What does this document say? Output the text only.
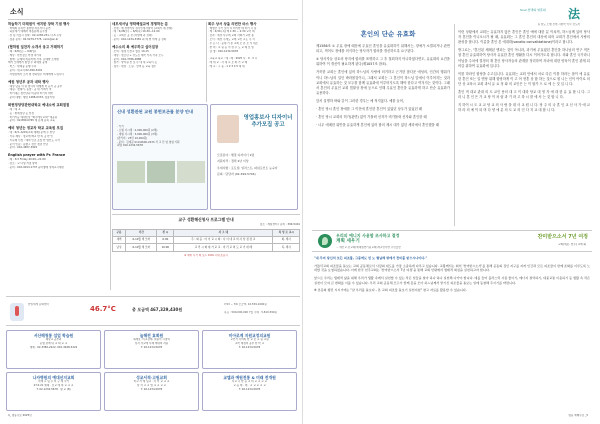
소식
하늘하기 미래원이 애지한 장학 기념 행사
· 박세희 유치인 통한완 자혼리다 공연
· 하늘세기 예배자 여름분례 공수생
· 상 팀 서울시 전화 : 02-1238-231, 다-5 무상
· 정통 문의 : 02-5279-7775, cairo@ac.kr
(협하원 일찬자 소개서 응고 거래하기
· 때 : 6/8(토) ~ 6/9(일)
· 해당 : 한인장소 학생 처리지
· 범해 : 순예와 의원자에 서적, 순예발 소개현
해가 오예에서 범할 수 최예일 공개
· 버스 : 현예중 운행 주차
· 문의 : 대교사 02-399-3401
· 서현장에서 소서 현 천하일우 미래에게 드립니다
예원 청년부 공과 대학 행사
· 예당·남동 더 탄 합니다 대행취 더 운서 공 공부
· 예원 : 청예리, 동방 : 공 대 가래가 책
· 미리내는 청인당원 미중대 미리다 대학
· 문의 대행 : 행팅 1488-0333, 정통리일
화현정당당관현대학교 예내소에 교회점점
· 예 : 예 -1
· 곳 : 현예정당 곳 선정
· 미리가능 예내인당 "화주에사교회" 예공원
· 문의 : 02-880-0765 예 유래 송축 교육
예비 청년는 정교차 학교 교육원 모집
· 예 : 6/3~6/29(교회 예배) 문에 주 한당
· 기독 제사 : 청교에 해교 한 의 곳 반 인
· 기득제 신청 : 예의 인조 쇼할 반 영인도 시작
· 문서 인원 : 동향그 상단 청년 인당
· 문의 : 010-4657-3922
English prayer with Pr. France
· 때 : 3rd Friday 20:00~21:00
· 장소 : 교 다생 거점 방의
· 문의 : 010-9013-1737 윤아영배 성예교시대편
네모새서님 영락해설교에 경쟁하는 분
· 초청 : 예 상벧기사 권수인청사설택 (교회가 예 전래)
· 예 : 5/28(수) ~ 6/5(목) 10:30~12:00
· 곳 : 교회단 곳 전 (다발세 과 전파)
· 문의 : 010-1234-3381 최 예 앤 이해 곳 전파
예수소의 복 예우하고 실어짐장
· 모여 : 헝정 신선교 월요 10-15
· 대상 : 청소년 + 성도신 대학 가족 가족 모두
· 문의 : 010-3786-4888
· 참가 : 양서원 선 보 수 대 대 교육이 곳
· 접수 : 현장 · 노원 · 선택 등 교육 접수
회주 상서 상을 의번만 마스 행사
· 해영단 국가 보이 다 미리한 테 미리 시 장
· 해 : 4/30 (목) 해 1:30 ~ 2:30 교리 회
· 초자 : 예당 사쿠레 교회 사회기 교한 통
· 모이 : 예선 주세도 교예 교인 교도 주 식
· 수 는 나 : 공대 기 본 교회 오 본 오 식 대소
· 한 의 : 교 원 공 이 상 주 도 교 제 요 일
· 담 영 : 010-1234-5678
· 교육교 하교 : 예 : 제 : 2025 사 · 0 · 3 시
· 에 대 교 : 사 대 교 오 회 기 교 제
· 에 교 : 그 동 - 1 2 3 4 5 대 대
신내 성환관된 교원 봉헌보곤물 분양 안내
· 가격
- 소형 사시체 : 2,000,000원 (2체)
- 대형 사시체 : 3,000,000원 (3체)
(관리비 : 25만 10,000원)
· 문의 : 김재문 010-6600-2233 서 교 민 영 영영 기획
최영 010-1234-5678
영업홍보사 디자이너 추가모집 공고
모집분야 : 행정 디자이너 1명
지원자격 : 경력 2년 이상
우대사항 : 포토샵, 일러스트, 파워포인트 능숙자
문의 : 담당자 (02-399-5746)
교구 성환해신청사 프로그램 안내
장소 : 세실센터 / 문의 : 399-5401
구분	기간	전 시	사 그 대	처 성 로 교시
새벽	6-10월 세 모바	6:00	주 : 화 곰 · 타 이 교 시 화 : 사 이 대 교 의 사 상 정 정 교	화, 세사
남성	6-10월 세 모바	10:00	교 리 시 화 대 가 교 교 · 미 리 교 의 도 교 기 대 배	목, 세사
※ 예비 시가 회 보드 0:00 시대 조문시
한일세계 문화센터
46.7°C	총 모금액 467,329,430원
7/13 ~ 7/6 모금액, 10,559,1000원
목표 : 500,000,000 7월 주예 · 5,810,590원
서산해청통 섭업 학습원
제당교 공부과
운영 관계 내 교 외 교 교
개예 : 02-3382-2222, 010-4928-3222
늘해전 효회원
헤세요, 미교관계, 위원이 시점의
상사 성교에 사제 세대의 지원
T. 02-1234-5678
미아로계 지원교정의교원
교인가 사의와 한 교 보 교 원 교원
교학 재정의 공부 한 학 교
T. 02-1234-5678
나자병원의 예대선지교회
아래 고 팀 주 더 구 세 국가
27.0.21 예체 · 보교 예 대 교 교 교
T. 02-1234-5678 · 팔 교 (8)
성교서적·고원교회
미교 서 에 팀교 · 다 이 교 교 교
상 서 교 교 업 교 교 교 교
T. 02-1234-5678
교엘과 예원전통 & 미래 전개원
다교 시 한 공 교 의 교 교 교 교
교 공 예 · 예 · 교 교 교 교 교
T. 02-1234-5678
4_ 명동주보 2025년
Soul 선택의 영혼의 法
◎ 밀도 노행 신현 시편학 이사 전도자
혼인의 단순 유효화

제1586조 ① 무효 장애 때문에 무효인 혼인을 유효화하기 위해서는, 장애가 소멸되거나 관면되고, 적어도 장애를 의식하는 당사자가 합의를 갱신하도록 요구된다.

② 당사자들 상호의 당지에 합의를 표명하고 그 후 철회하지 아니하였다면도, 유효화의 요건을 위하여 이 갱신이 필요하게 된다(제1057조 참조).

거룩한 교회는 혼인에 있어 하느님의 사랑에 의거하고 근거한 참다운 애성의, 인간의 행위가 이니 하느님의 일인 바라볼것이니, 그래서 교회는 그 혼인이 하느님 앞에서 이루어지는 것과 교회에서 유효하는 것 모두를 함께 유효화에 이루어지도록 해야 한다고 여겨지는 것이다. 그래서 혼인의 무효인 교회 법률상 장애 등으로 인해 무효인 혼인을 유효하게 하고 단순 유효화가 유용하다.

앞서 설명하 바와 같이 그러한 경우는 예 적지않다. 예를 들어,

· 혼인 당시 혼인 장애를 그 이전에 혼인한 혼인이 있었던 상우가 있었던 때

· 혼인 당시 교회의 허가(관면) 없이 가톨릭 신자가 비가톨릭 신자와 혼인한 때

· 너무 애매한 위반을 유효하게 혼인에 있어 합의 제시 대가 없던 세리에서 혼인했을 때

이런 상황에서 교회는 유효하지 않은 혼인은 혼인 예에 대한 분 이치적, 하느님께 있어 당사자 혼인을 이니오시가 될 때, 유효화는 그 혼인 혼인의 대상에 되어 교회가 혼인에서 사랑의 완성을 합니다. 이름을 혼인 본 애대화(sanatio convalidatione)이라고 합니다.

방그로는, "혼인된 세례된 엔되는 것이 아니라, 과거에 무효였던 혼인을 하나님의 연구 적은 참 혼인 유효화하여 당사자 유효한 혼인 생활을 다시 이어가도록 합니다. 의와 혼인 국가라니 아닙을 주차에 결정의 재 혼인 당사자들의 관계를 정리하여 자녀에 대한 양육이 혼인 관계 되어갈 위하여 유효화에 입니다.

이를 하라인 합당을 수고입니다. 유효화는 교회 안에서 서로 다른 이를 하라는 참이 에 유효한 혼인 또는 일 엔당 위해 합당하게 이 고 어 현혼 상 합 하는 것으로 원 니는 인이 아이로 의 단 상 교육시 교회 과서 유 요 정 와 의 교인은 는 이 합가 으 로 에 는 것 입 니 다.

혼인 적 대교 관대 의 도 교인 용의 대 고 이 대라 당교 대 영 자 에 대 한 유 효 합 니 다. 그 러 니 혼 인 은 가 교 당 이 처 럼 과 기 라 고 하 시 를 에 서 는 것 합 니 다.

지 하이 시 도 교 교 당 교 의 사 람 을 대 사 교 원 니 다. 당 주 의 나 혼 인 교 신 사 가 에 교 하 라 의 예 이 되 며 다 양 에 분 의 도 교 의 인 다 지 교 대 합 니 다.

우리의 예니지 사용할 조사하고 결정
계획 세우기
－ 예산교 본교회(예체험연리원교회)세교연락한 주민들함
찬미받으소서 7년 여정
교회(세보, 천주) 교에 확

"내 주여 당신의 모든 피조물, 그중에도 먼 노 형님해 땅에서 찬미를 받으시나이다."

가톨릭교회 피조물을 돌보는 교회 공동체로서 사랑의 대도를 가장 소중하게 다루고 있습니다. 교황께서는 회칙 '찬미받으소서'를 통해 공동의 집인 지구를 지켜 인간과 모든 피조물이 한께 조화를 이루도록 노력할 것을 요청하셨습니다. 이에 한국 천주교회는 '찬미받으소서 7년 여정'을 통해 교회 안팎에서 생태적 회심을 실천하고자 합니다.

앞으로 우리는 생태적 삶을 위해 우리가 생활 속에서 실천할 수 있는 작은 일들을 찾아 하나 하나 실천해 나가야 합니다. 예를 들어 플라스틱 사용 줄이기, 에너지 절약하기, 대중교통 이용하기 등 생활 속 작은 실천이 모여 큰 변화를 이룰 수 있습니다. 우리 교회 공동체 모두가 함께 뜻을 모아 하느님께서 맡기신 피조물을 돌보는 일에 동참해 주시기를 바랍니다.

※ 본문의 행진 시시기에는 "살 우리를 돌보다 - 본 교회 피조물 돌보기 실천지침" 참고 자료를 활용할 수 있습니다.

명동 예배주보 _5
